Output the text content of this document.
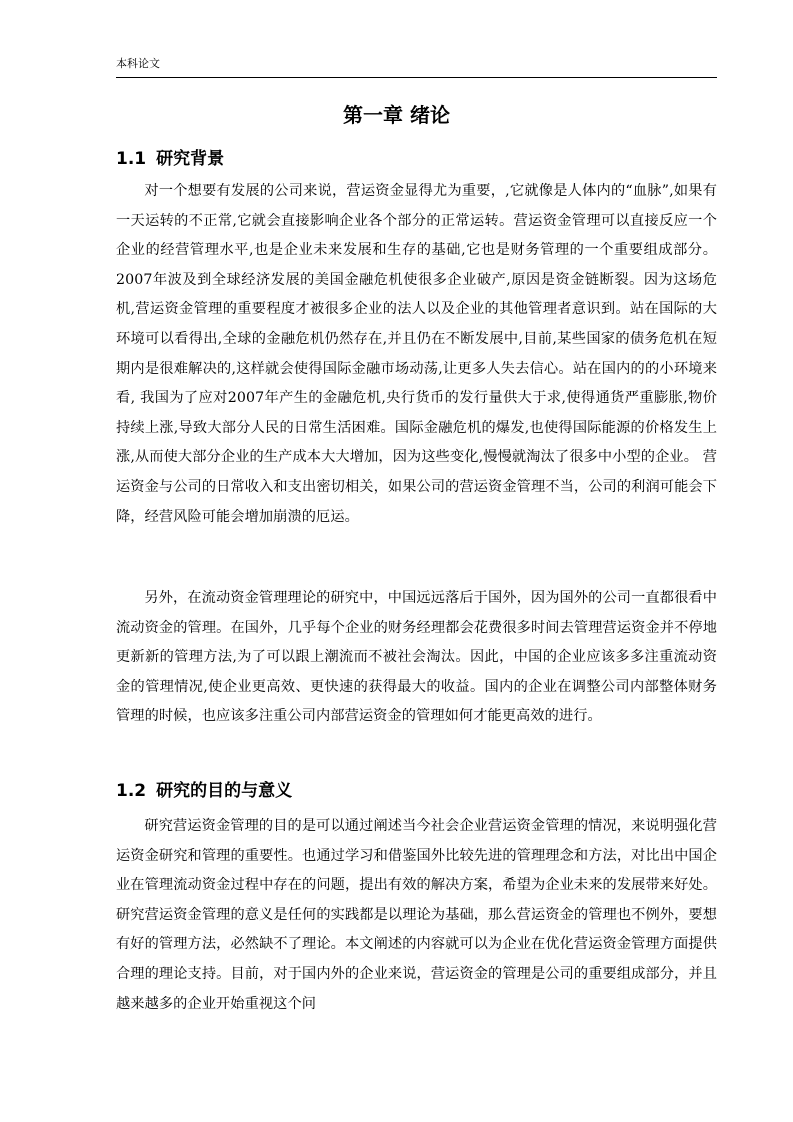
本科论文
第一章 绪论
1.1 研究背景

对一个想要有发展的公司来说，营运资金显得尤为重要，,它就像是人体内的“血脉”,如果有一天运转的不正常,它就会直接影响企业各个部分的正常运转。营运资金管理可以直接反应一个企业的经营管理水平,也是企业未来发展和生存的基础,它也是财务管理的一个重要组成部分。2007年波及到全球经济发展的美国金融危机使很多企业破产,原因是资金链断裂。因为这场危机,营运资金管理的重要程度才被很多企业的法人以及企业的其他管理者意识到。站在国际的大环境可以看得出,全球的金融危机仍然存在,并且仍在不断发展中,目前,某些国家的债务危机在短期内是很难解决的,这样就会使得国际金融市场动荡,让更多人失去信心。站在国内的的小环境来看, 我国为了应对2007年产生的金融危机,央行货币的发行量供大于求,使得通货严重膨胀,物价持续上涨,导致大部分人民的日常生活困难。国际金融危机的爆发,也使得国际能源的价格发生上涨,从而使大部分企业的生产成本大大增加，因为这些变化,慢慢就淘汰了很多中小型的企业。 营运资金与公司的日常收入和支出密切相关，如果公司的营运资金管理不当，公司的利润可能会下降，经营风险可能会增加崩溃的厄运。

另外，在流动资金管理理论的研究中，中国远远落后于国外，因为国外的公司一直都很看中流动资金的管理。在国外，几乎每个企业的财务经理都会花费很多时间去管理营运资金并不停地更新新的管理方法,为了可以跟上潮流而不被社会淘汰。因此，中国的企业应该多多注重流动资金的管理情况,使企业更高效、更快速的获得最大的收益。国内的企业在调整公司内部整体财务管理的时候，也应该多注重公司内部营运资金的管理如何才能更高效的进行。

1.2 研究的目的与意义

研究营运资金管理的目的是可以通过阐述当今社会企业营运资金管理的情况，来说明强化营运资金研究和管理的重要性。也通过学习和借鉴国外比较先进的管理理念和方法，对比出中国企业在管理流动资金过程中存在的问题，提出有效的解决方案，希望为企业未来的发展带来好处。研究营运资金管理的意义是任何的实践都是以理论为基础，那么营运资金的管理也不例外，要想有好的管理方法，必然缺不了理论。本文阐述的内容就可以为企业在优化营运资金管理方面提供合理的理论支持。目前，对于国内外的企业来说，营运资金的管理是公司的重要组成部分，并且越来越多的企业开始重视这个问
